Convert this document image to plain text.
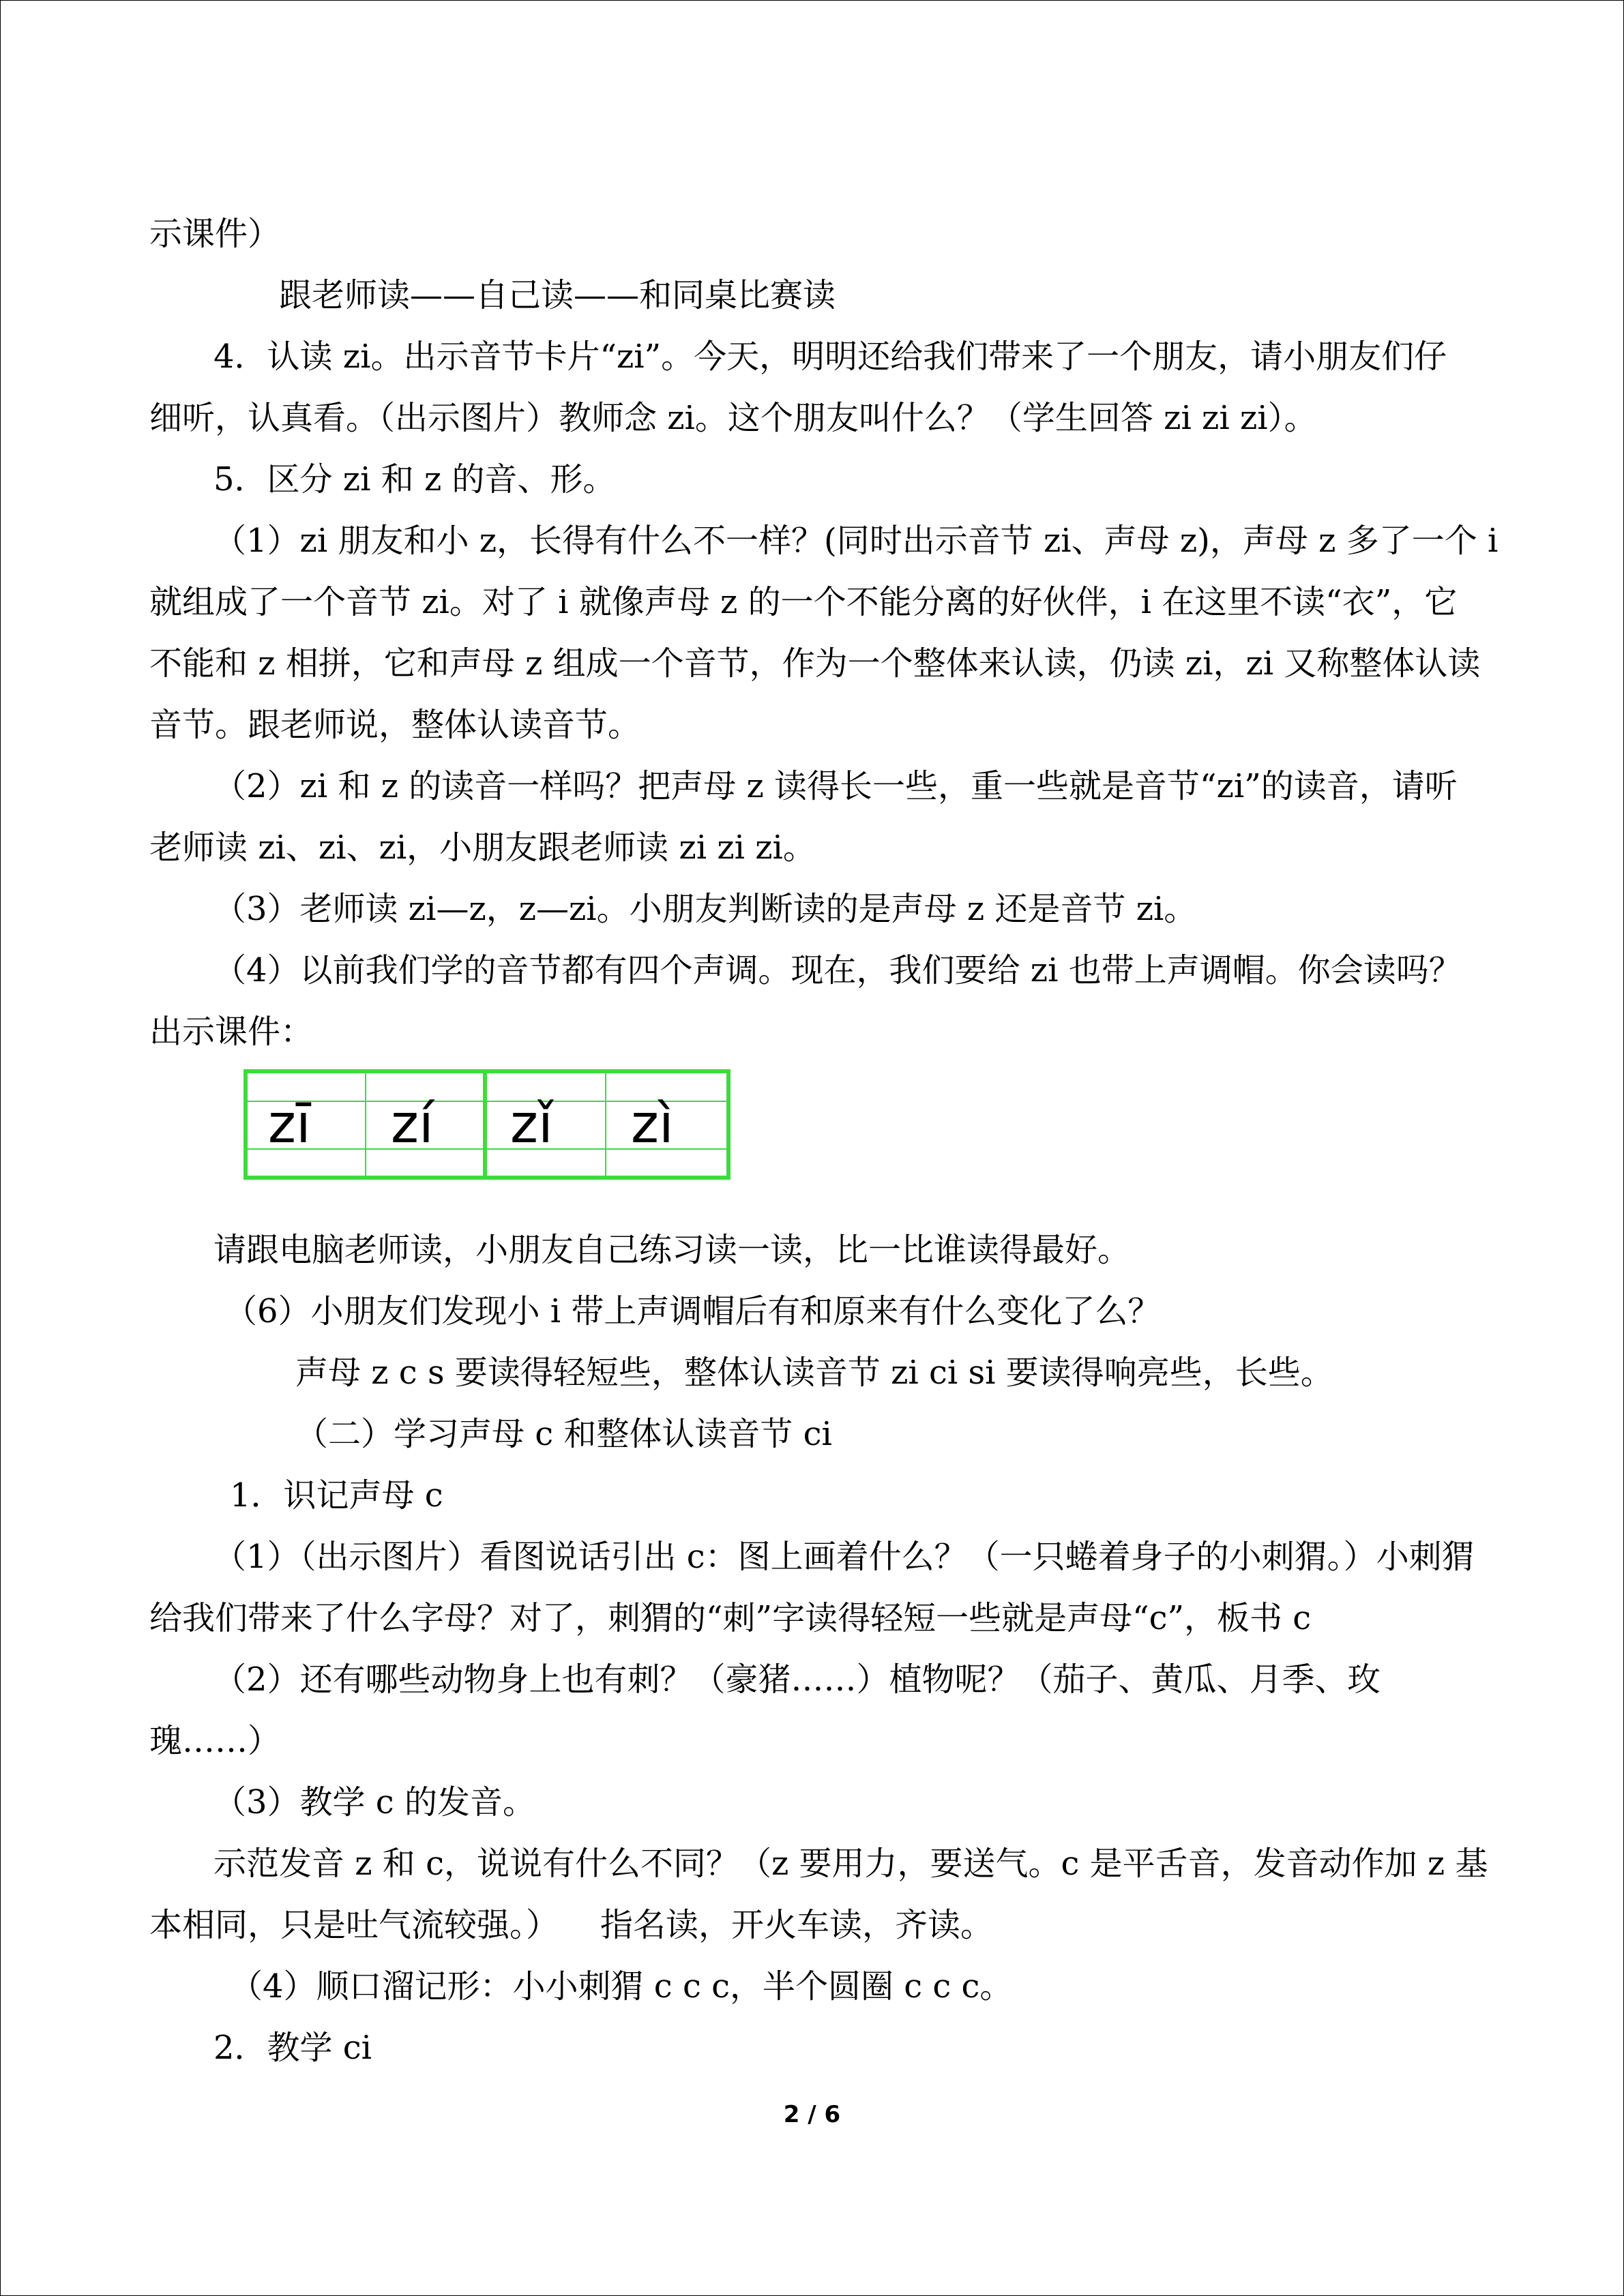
示课件）
跟老师读——自己读——和同桌比赛读
4．认读 zi。出示音节卡片“zi”。今天，明明还给我们带来了一个朋友，请小朋友们仔
细听，认真看。（出示图片）教师念 zi。这个朋友叫什么？（学生回答 zi zi zi）。
5．区分 zi 和 z 的音、形。
（1）zi 朋友和小 z，长得有什么不一样？(同时出示音节 zi、声母 z)，声母 z 多了一个 i
就组成了一个音节 zi。对了 i 就像声母 z 的一个不能分离的好伙伴，i 在这里不读“衣”，它
不能和 z 相拼，它和声母 z 组成一个音节，作为一个整体来认读，仍读 zi，zi 又称整体认读
音节。跟老师说，整体认读音节。
（2）zi 和 z 的读音一样吗？把声母 z 读得长一些，重一些就是音节“zi”的读音，请听
老师读 zi、zi、zi，小朋友跟老师读 zi zi zi。
（3）老师读 zi—z，z—zi。小朋友判断读的是声母 z 还是音节 zi。
（4）以前我们学的音节都有四个声调。现在，我们要给 zi 也带上声调帽。你会读吗？
出示课件：
zī	zí	zǐ	zì
请跟电脑老师读，小朋友自己练习读一读，比一比谁读得最好。
（6）小朋友们发现小 i 带上声调帽后有和原来有什么变化了么？
声母 z c s 要读得轻短些，整体认读音节 zi ci si 要读得响亮些，长些。
（二）学习声母 c 和整体认读音节 ci
1．识记声母 c
（1）（出示图片）看图说话引出 c：图上画着什么？（一只蜷着身子的小刺猬。）小刺猬
给我们带来了什么字母？对了，刺猬的“刺”字读得轻短一些就是声母“c”，板书 c
（2）还有哪些动物身上也有刺？（豪猪……）植物呢？（茄子、黄瓜、月季、玫
瑰……）
（3）教学 c 的发音。
示范发音 z 和 c，说说有什么不同？（z 要用力，要送气。c 是平舌音，发音动作加 z 基
本相同，只是吐气流较强。）    指名读，开火车读，齐读。
（4）顺口溜记形：小小刺猬 c c c，半个圆圈 c c c。
2．教学 ci
2 / 6
